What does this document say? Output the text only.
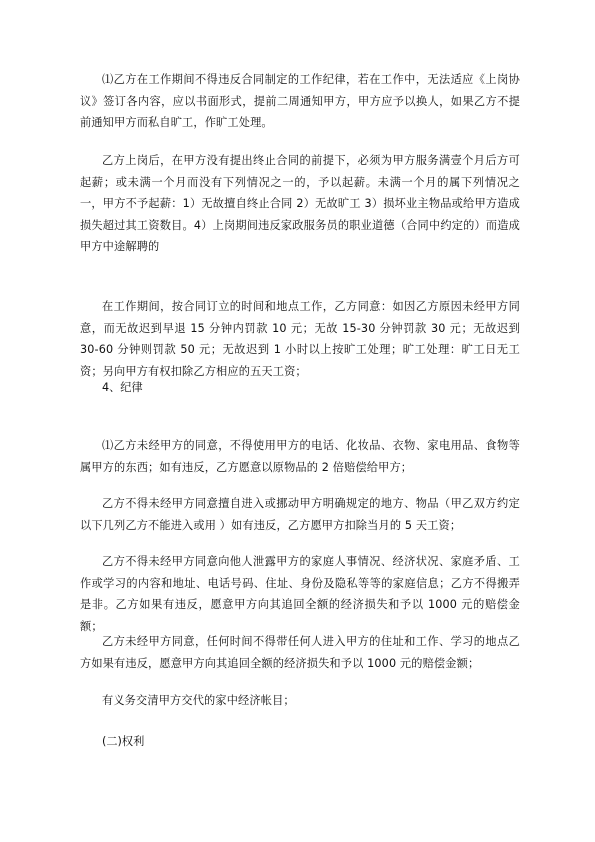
⑴乙方在工作期间不得违反合同制定的工作纪律，若在工作中，无法适应《上岗协议》签订各内容，应以书面形式，提前二周通知甲方，甲方应予以换人，如果乙方不提前通知甲方而私自旷工，作旷工处理。

乙方上岗后，在甲方没有提出终止合同的前提下，必须为甲方服务满壹个月后方可起薪；或未满一个月而没有下列情况之一的，予以起薪。未满一个月的属下列情况之一，甲方不予起薪：1）无故擅自终止合同 2）无故旷工 3）损坏业主物品或给甲方造成损失超过其工资数目。4）上岗期间违反家政服务员的职业道德（合同中约定的）而造成甲方中途解聘的

在工作期间，按合同订立的时间和地点工作，乙方同意：如因乙方原因未经甲方同意，而无故迟到早退 15 分钟内罚款 10 元；无故 15-30 分钟罚款 30 元；无故迟到 30-60 分钟则罚款 50 元；无故迟到 1 小时以上按旷工处理；旷工处理：旷工日无工资；另向甲方有权扣除乙方相应的五天工资；

4、纪律

⑴乙方未经甲方的同意，不得使用甲方的电话、化妆品、衣物、家电用品、食物等属甲方的东西；如有违反，乙方愿意以原物品的 2 倍赔偿给甲方；

乙方不得未经甲方同意擅自进入或挪动甲方明确规定的地方、物品（甲乙双方约定以下几列乙方不能进入或用 ）如有违反，乙方愿甲方扣除当月的 5 天工资；

乙方不得未经甲方同意向他人泄露甲方的家庭人事情况、经济状况、家庭矛盾、工作或学习的内容和地址、电话号码、住址、身份及隐私等等的家庭信息；乙方不得搬弄是非。乙方如果有违反，愿意甲方向其追回全额的经济损失和予以 1000 元的赔偿金额；

乙方未经甲方同意，任何时间不得带任何人进入甲方的住址和工作、学习的地点乙方如果有违反，愿意甲方向其追回全额的经济损失和予以 1000 元的赔偿金额；

有义务交清甲方交代的家中经济帐目；

(二)权利
